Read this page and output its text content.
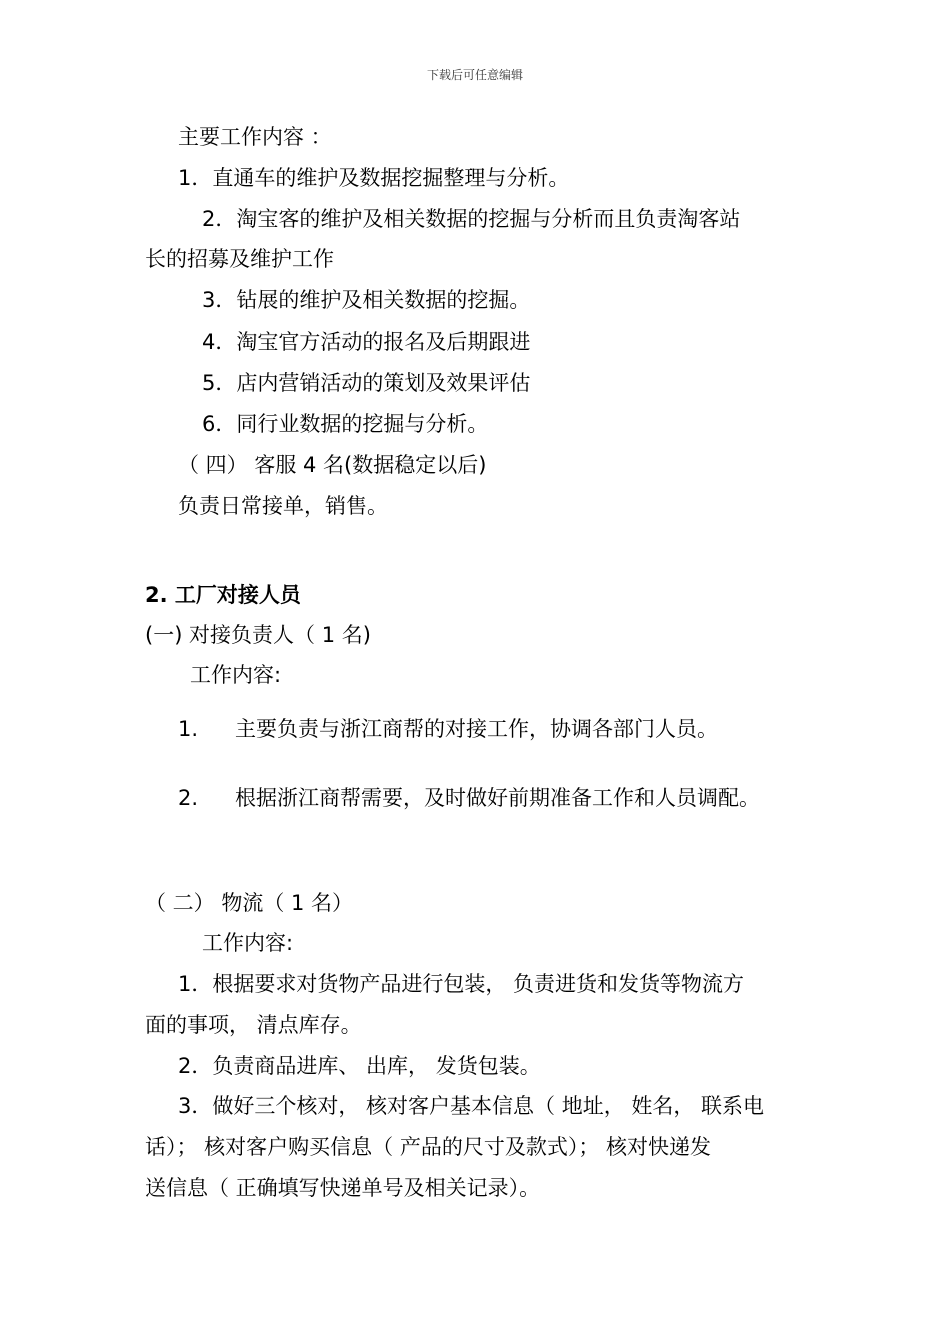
下载后可任意编辑
主要工作内容 ：
1．直通车的维护及数据挖掘整理与分析。
2．淘宝客的维护及相关数据的挖掘与分析而且负责淘客站
长的招募及维护工作
3．钻展的维护及相关数据的挖掘。
4．淘宝官方活动的报名及后期跟进
5．店内营销活动的策划及效果评估
6．同行业数据的挖掘与分析。
（ 四） 客服 4 名(数据稳定以后)
负责日常接单，销售。
2. 工厂对接人员
(一) 对接负责人（ 1 名)
工作内容:
1. 主要负责与浙江商帮的对接工作，协调各部门人员。
2. 根据浙江商帮需要，及时做好前期准备工作和人员调配。
（ 二） 物流（ 1 名）
工作内容:
1．根据要求对货物产品进行包装， 负责进货和发货等物流方
面的事项， 清点库存。
2．负责商品进库、 出库， 发货包装。
3．做好三个核对， 核对客户基本信息（ 地址， 姓名， 联系电
话）； 核对客户购买信息（ 产品的尺寸及款式）； 核对快递发
送信息（ 正确填写快递单号及相关记录）。
